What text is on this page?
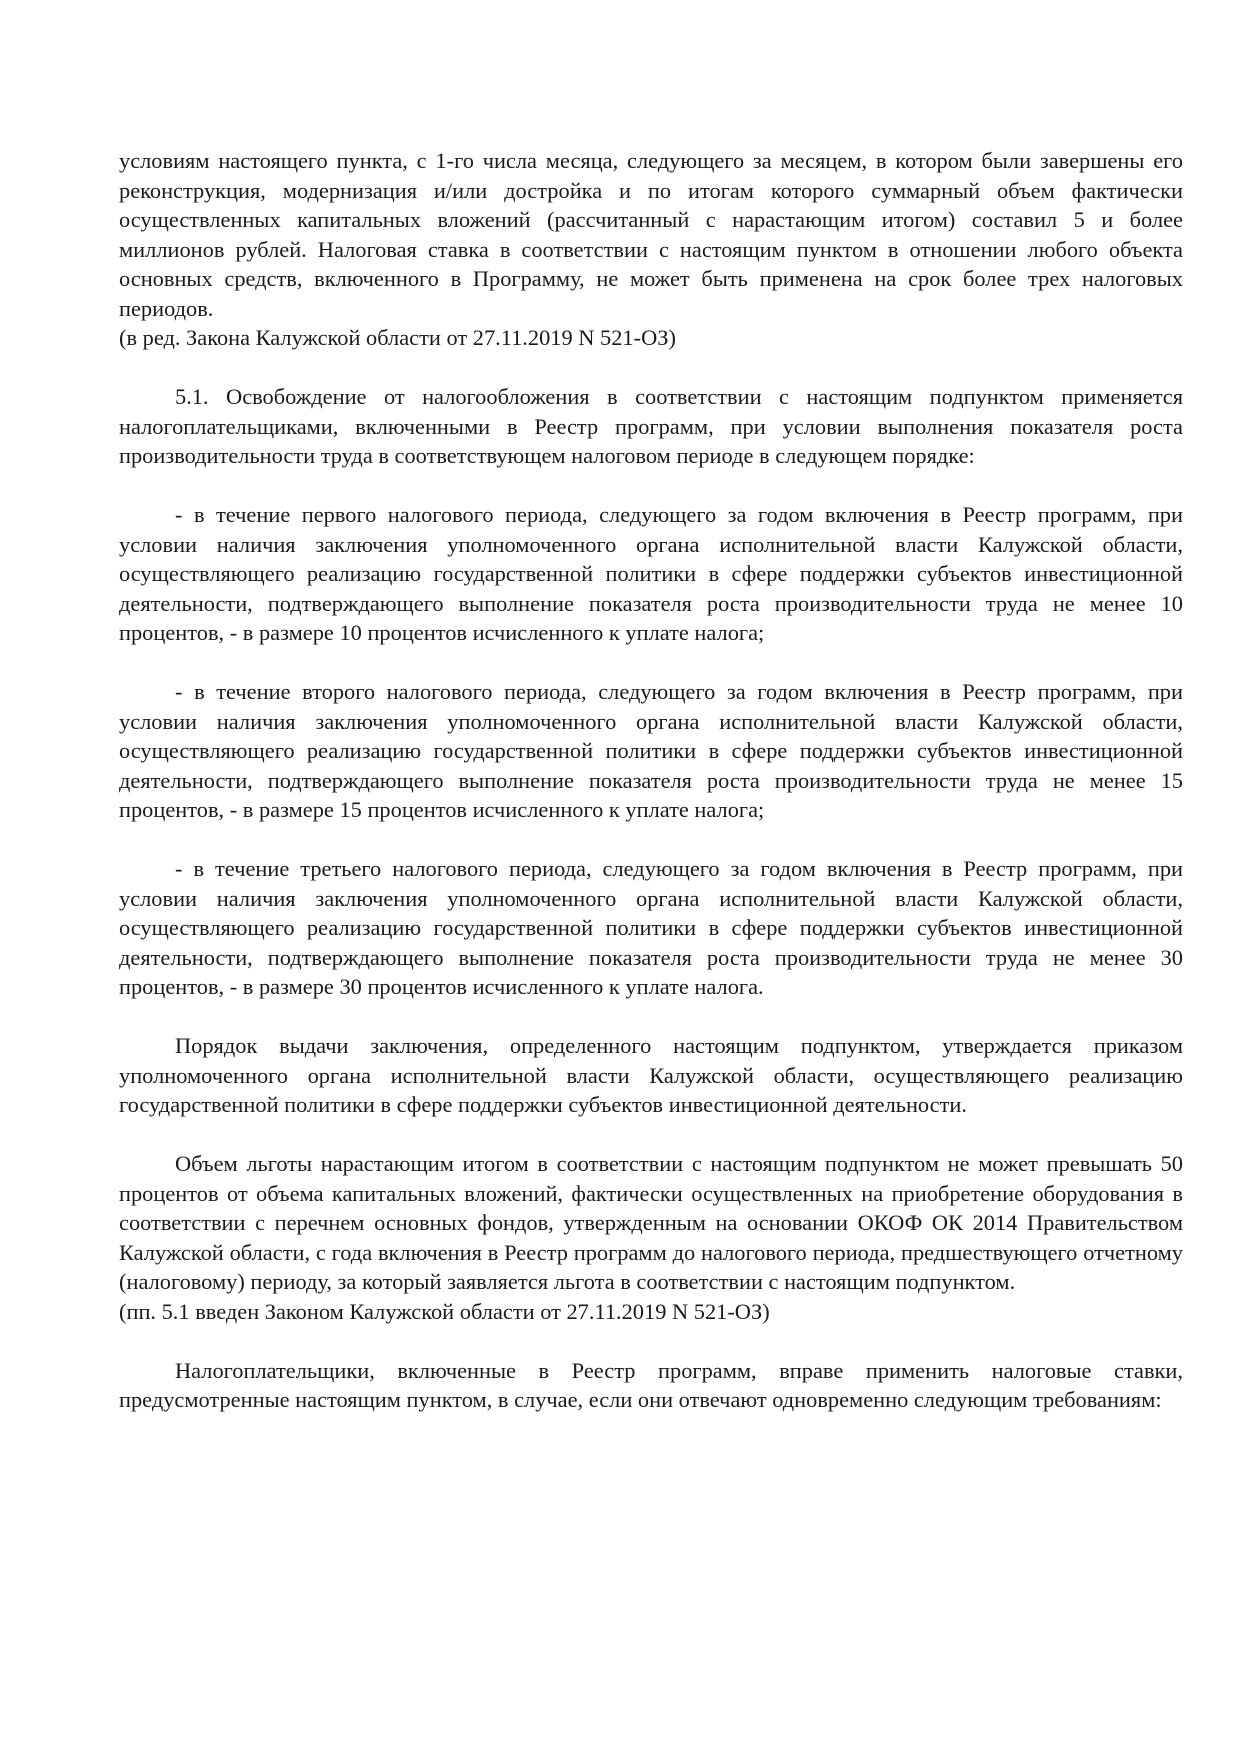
условиям настоящего пункта, с 1-го числа месяца, следующего за месяцем, в котором были завершены его реконструкция, модернизация и/или достройка и по итогам которого суммарный объем фактически осуществленных капитальных вложений (рассчитанный с нарастающим итогом) составил 5 и более миллионов рублей. Налоговая ставка в соответствии с настоящим пунктом в отношении любого объекта основных средств, включенного в Программу, не может быть применена на срок более трех налоговых периодов.

(в ред. Закона Калужской области от 27.11.2019 N 521-ОЗ)

5.1. Освобождение от налогообложения в соответствии с настоящим подпунктом применяется налогоплательщиками, включенными в Реестр программ, при условии выполнения показателя роста производительности труда в соответствующем налоговом периоде в следующем порядке:

- в течение первого налогового периода, следующего за годом включения в Реестр программ, при условии наличия заключения уполномоченного органа исполнительной власти Калужской области, осуществляющего реализацию государственной политики в сфере поддержки субъектов инвестиционной деятельности, подтверждающего выполнение показателя роста производительности труда не менее 10 процентов, - в размере 10 процентов исчисленного к уплате налога;

- в течение второго налогового периода, следующего за годом включения в Реестр программ, при условии наличия заключения уполномоченного органа исполнительной власти Калужской области, осуществляющего реализацию государственной политики в сфере поддержки субъектов инвестиционной деятельности, подтверждающего выполнение показателя роста производительности труда не менее 15 процентов, - в размере 15 процентов исчисленного к уплате налога;

- в течение третьего налогового периода, следующего за годом включения в Реестр программ, при условии наличия заключения уполномоченного органа исполнительной власти Калужской области, осуществляющего реализацию государственной политики в сфере поддержки субъектов инвестиционной деятельности, подтверждающего выполнение показателя роста производительности труда не менее 30 процентов, - в размере 30 процентов исчисленного к уплате налога.

Порядок выдачи заключения, определенного настоящим подпунктом, утверждается приказом уполномоченного органа исполнительной власти Калужской области, осуществляющего реализацию государственной политики в сфере поддержки субъектов инвестиционной деятельности.

Объем льготы нарастающим итогом в соответствии с настоящим подпунктом не может превышать 50 процентов от объема капитальных вложений, фактически осуществленных на приобретение оборудования в соответствии с перечнем основных фондов, утвержденным на основании ОКОФ ОК 2014 Правительством Калужской области, с года включения в Реестр программ до налогового периода, предшествующего отчетному (налоговому) периоду, за который заявляется льгота в соответствии с настоящим подпунктом.

(пп. 5.1 введен Законом Калужской области от 27.11.2019 N 521-ОЗ)

Налогоплательщики, включенные в Реестр программ, вправе применить налоговые ставки, предусмотренные настоящим пунктом, в случае, если они отвечают одновременно следующим требованиям:
